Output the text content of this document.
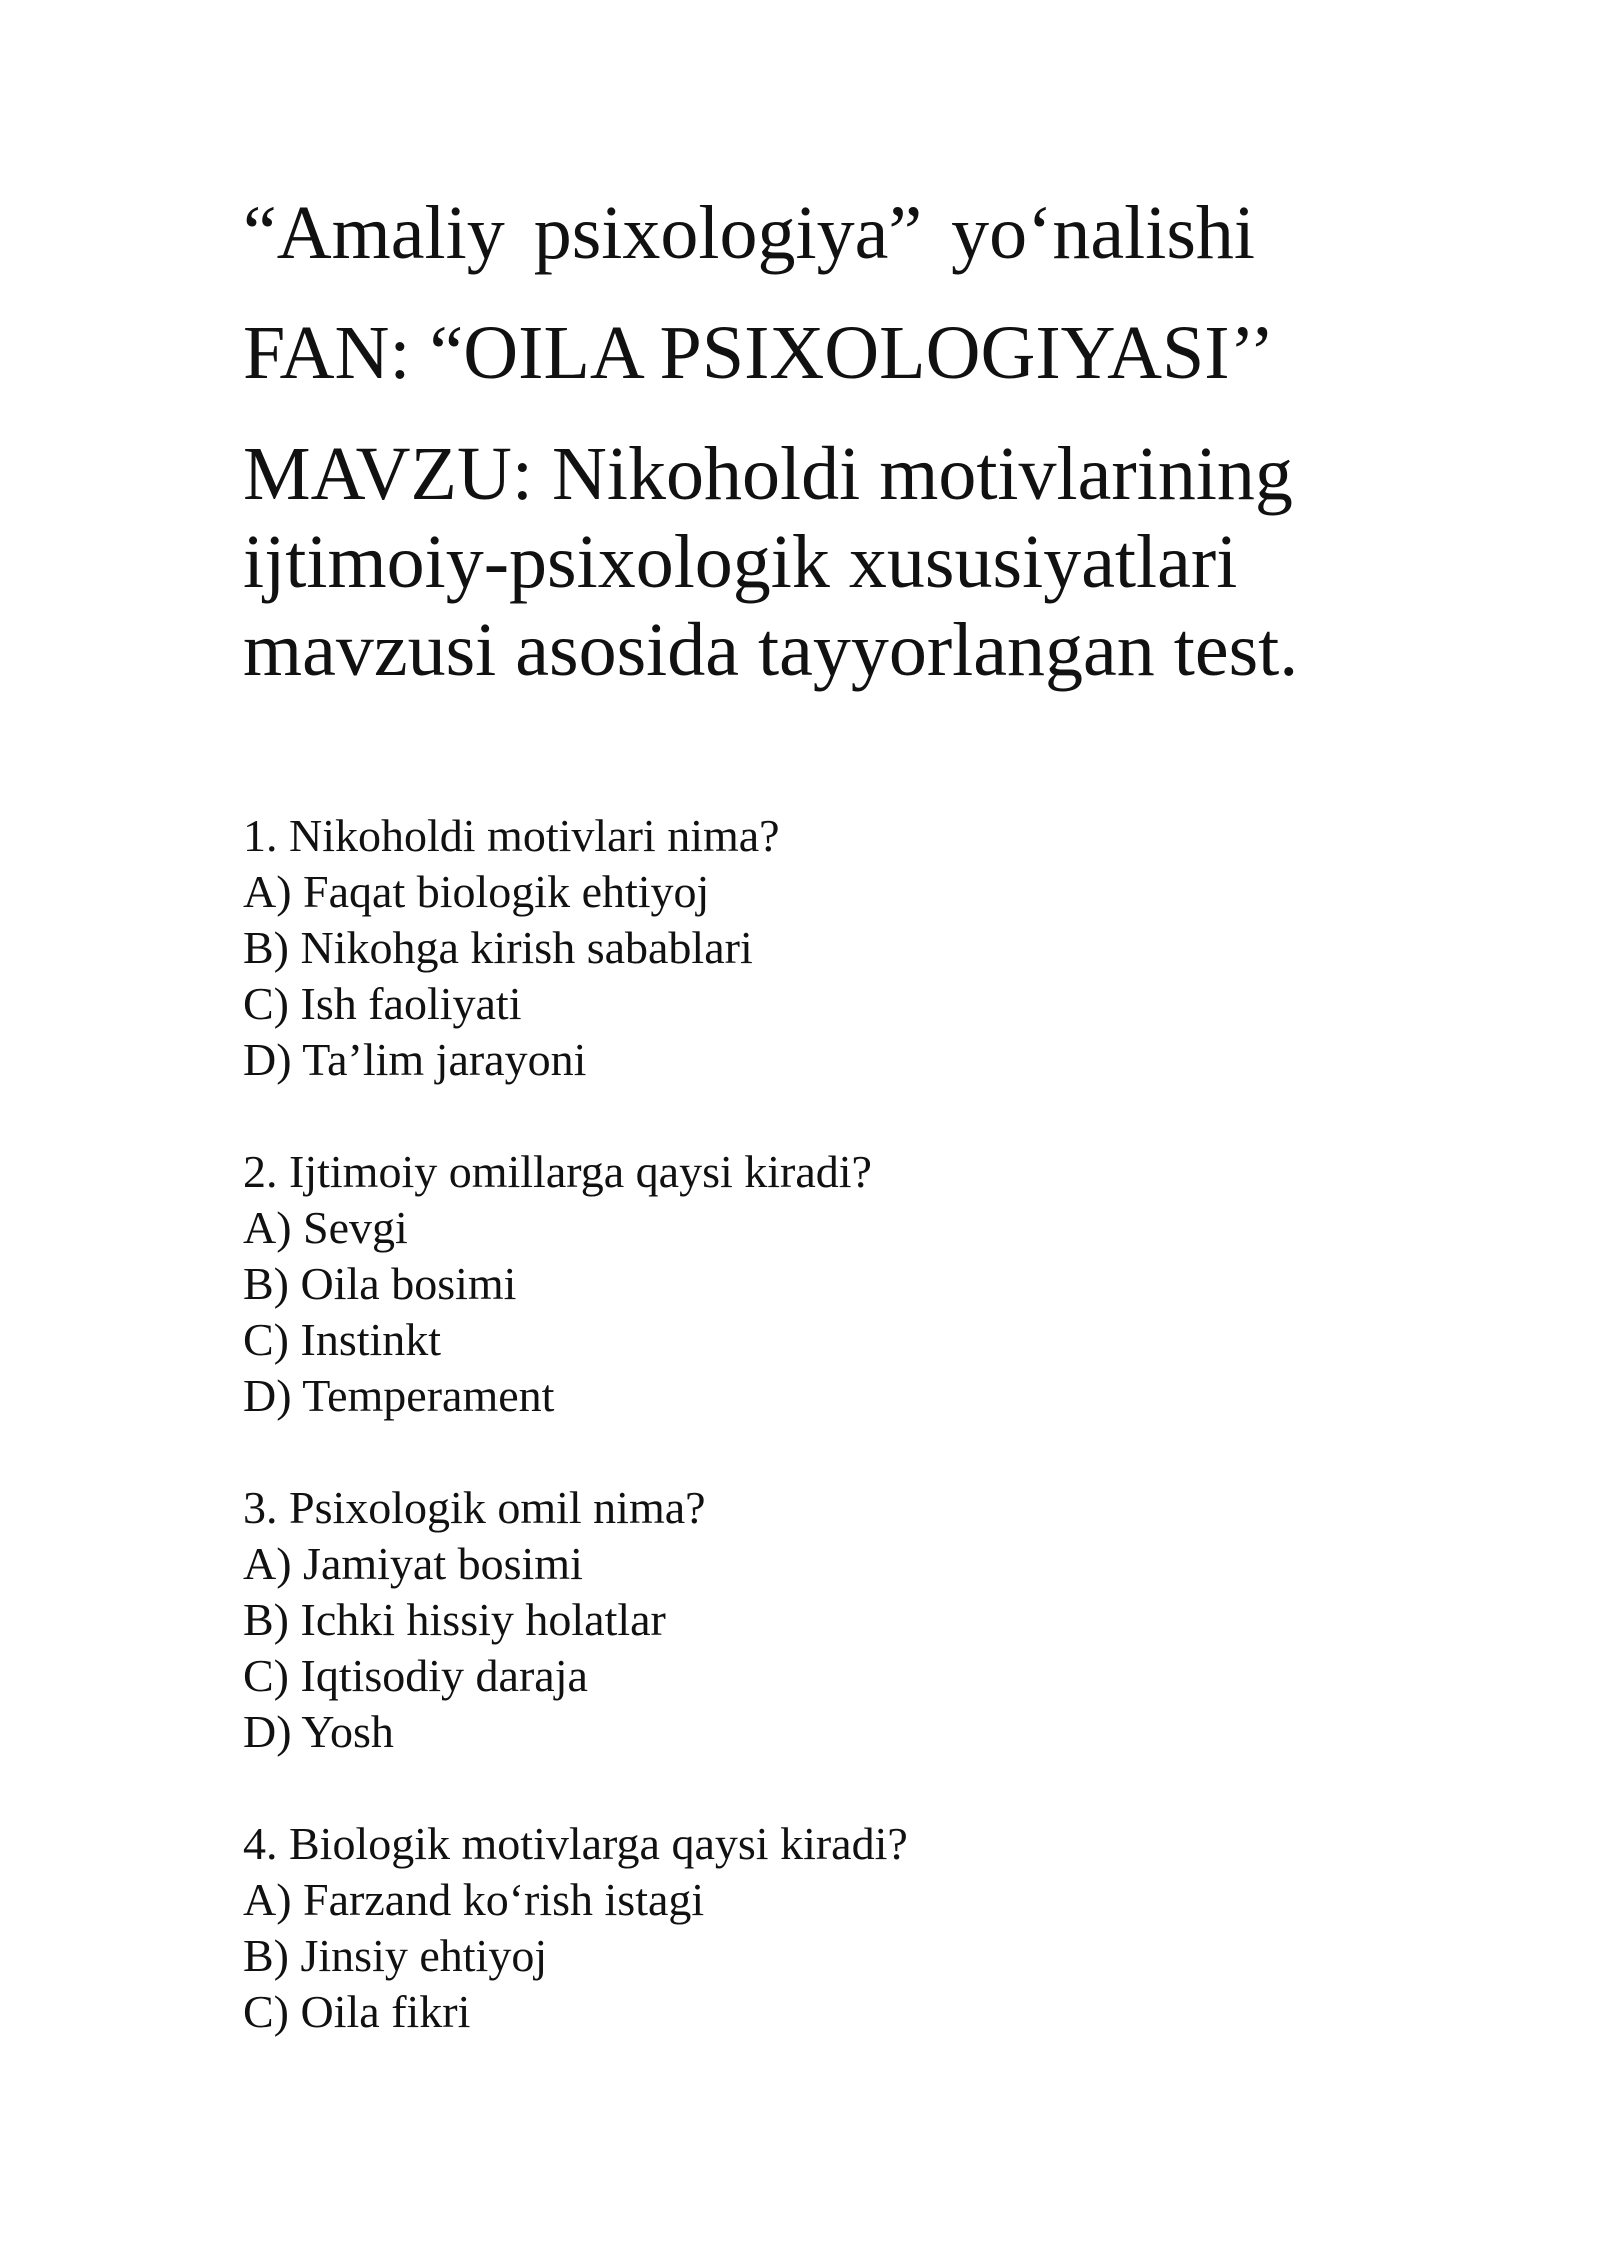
“Amaliy psixologiya” yo‘nalishi
FAN: “OILA PSIXOLOGIYASI’’
MAVZU: Nikoholdi motivlarining
ijtimoiy-psixologik xususiyatlari
mavzusi asosida tayyorlangan test.
1. Nikoholdi motivlari nima?
A) Faqat biologik ehtiyoj
B) Nikohga kirish sabablari
C) Ish faoliyati
D) Ta’lim jarayoni
2. Ijtimoiy omillarga qaysi kiradi?
A) Sevgi
B) Oila bosimi
C) Instinkt
D) Temperament
3. Psixologik omil nima?
A) Jamiyat bosimi
B) Ichki hissiy holatlar
C) Iqtisodiy daraja
D) Yosh
4. Biologik motivlarga qaysi kiradi?
A) Farzand ko‘rish istagi
B) Jinsiy ehtiyoj
C) Oila fikri
